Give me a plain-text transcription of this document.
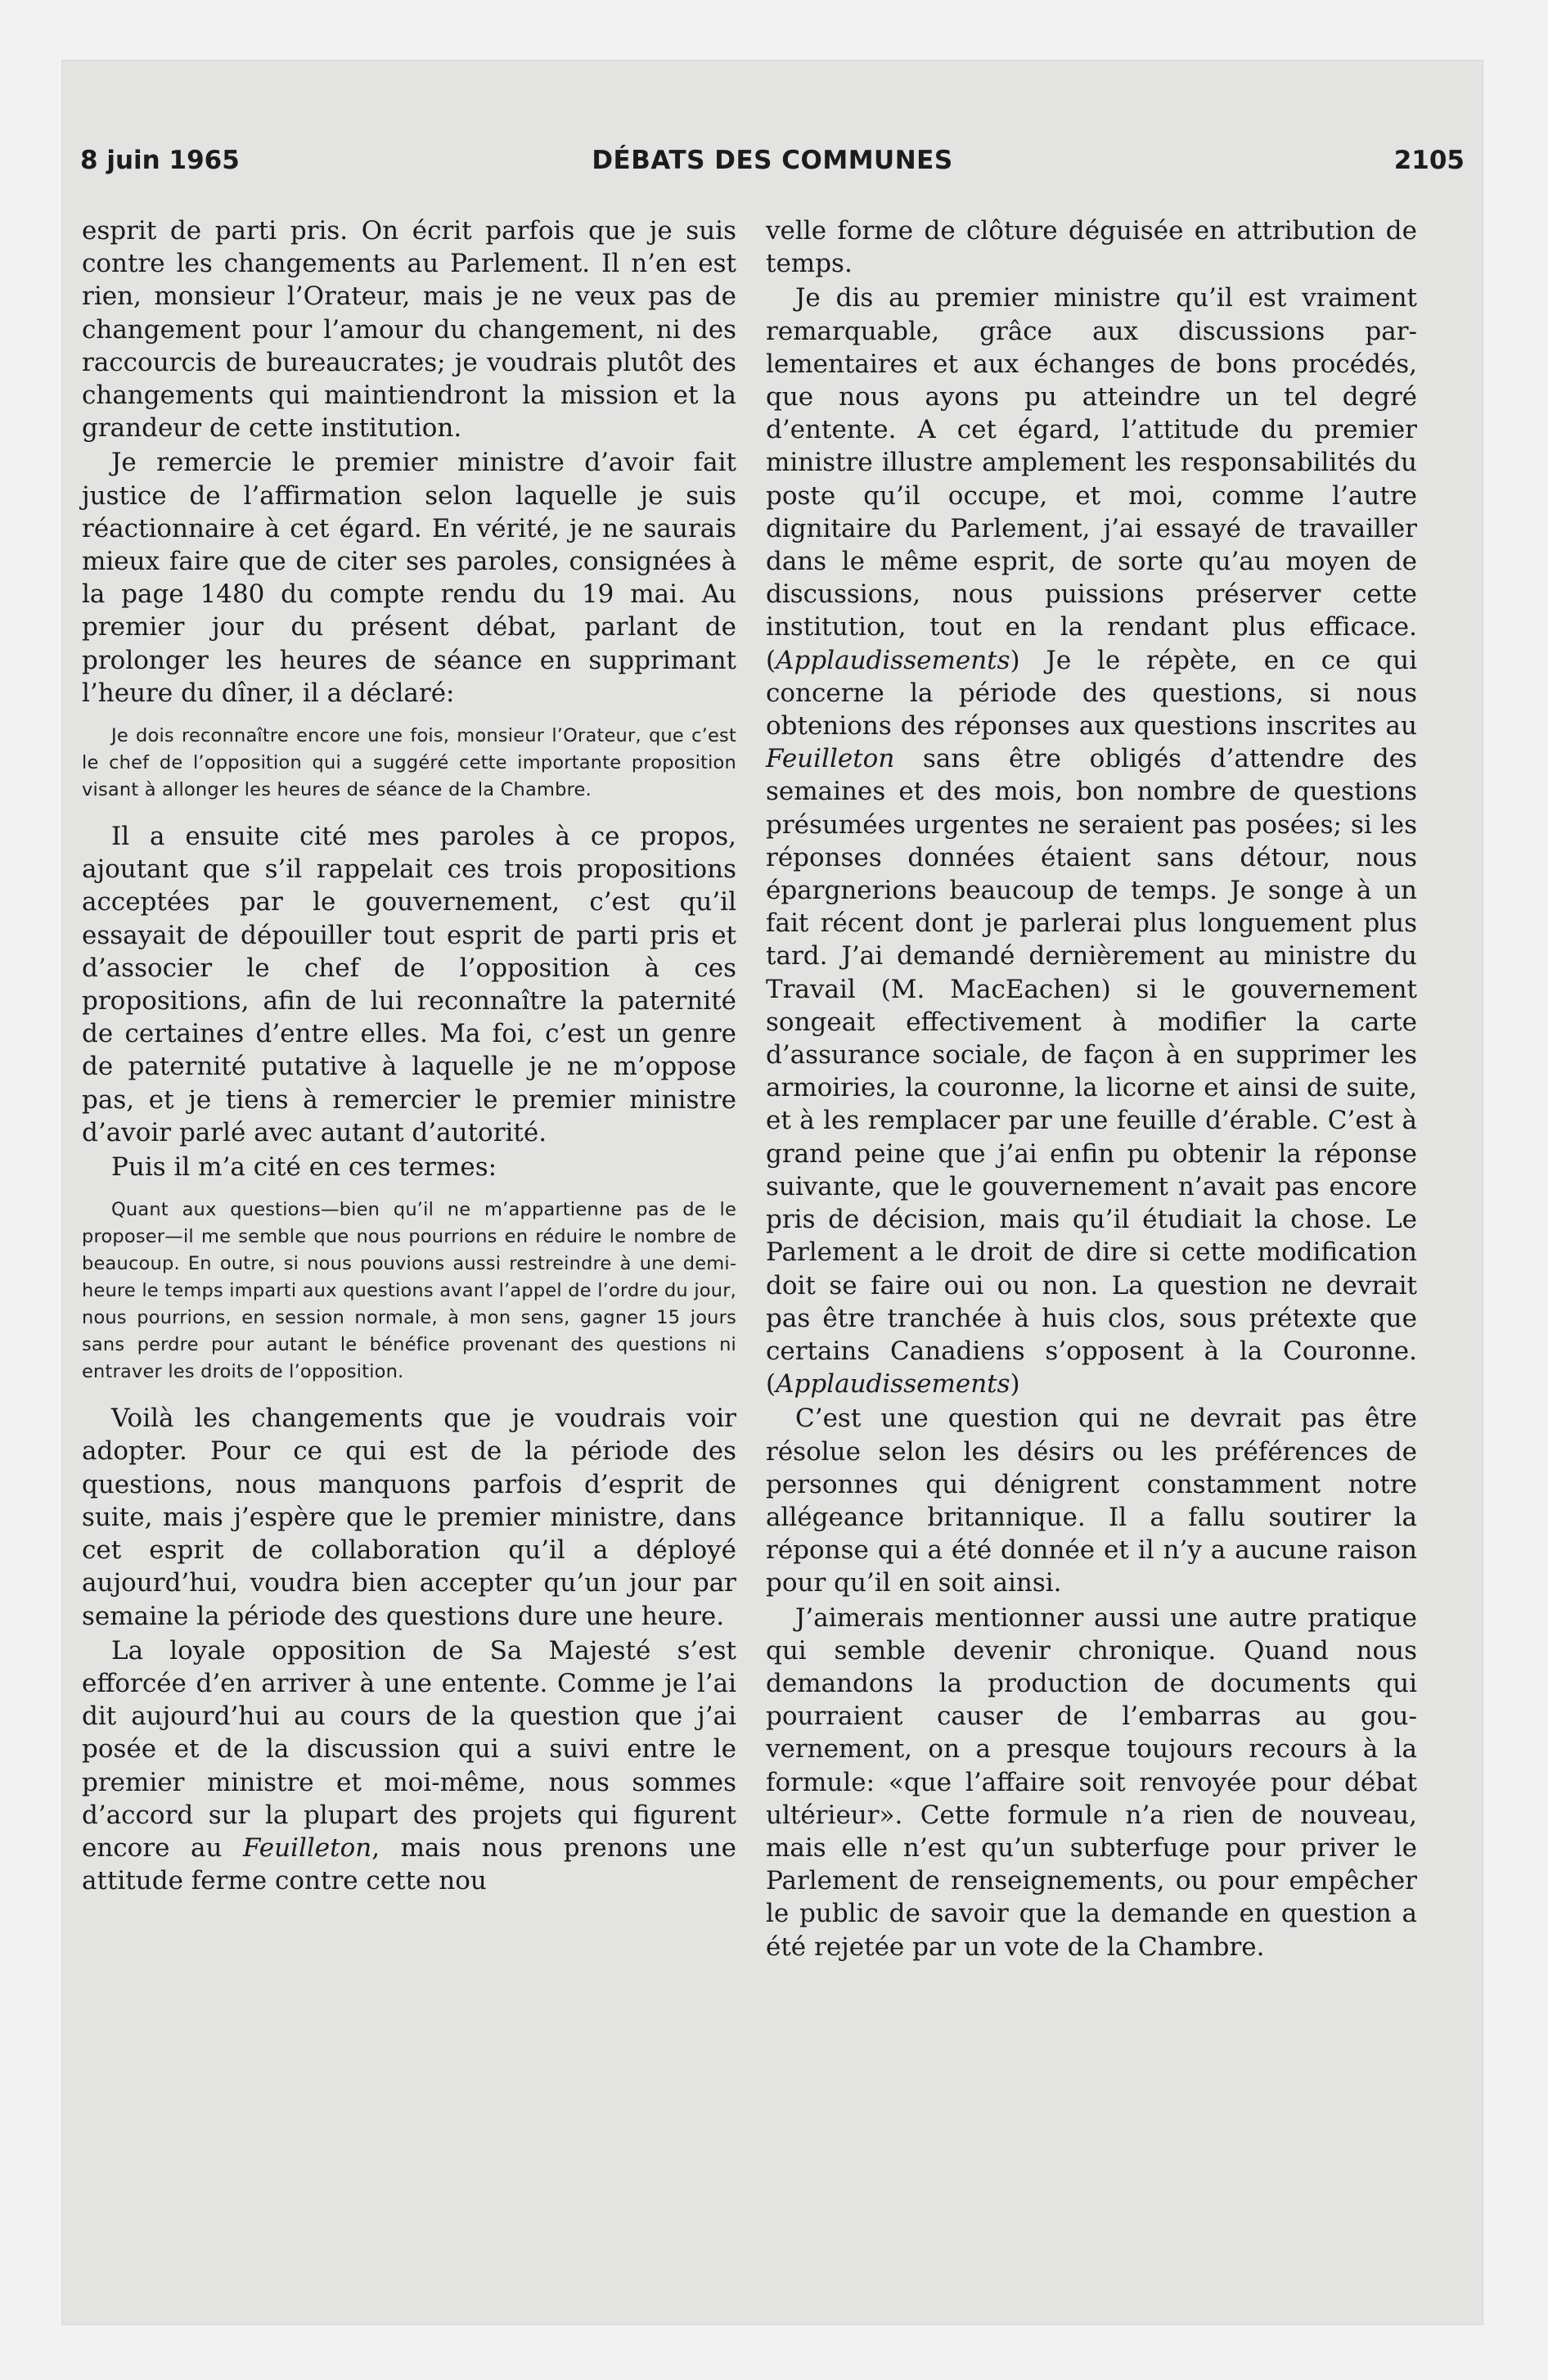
8 juin 1965	DÉBATS DES COMMUNES	2105

esprit de parti pris. On écrit parfois que je suis contre les changements au Parlement. Il n’en est rien, monsieur l’Orateur, mais je ne veux pas de changement pour l’amour du changement, ni des raccourcis de bureaucrates; je voudrais plutôt des changements qui maintiendront la mission et la grandeur de cette institution.

Je remercie le premier ministre d’avoir fait justice de l’affirmation selon laquelle je suis réactionnaire à cet égard. En vérité, je ne saurais mieux faire que de citer ses paroles, consignées à la page 1480 du compte rendu du 19 mai. Au premier jour du présent débat, parlant de prolonger les heures de séance en supprimant l’heure du dîner, il a déclaré:

Je dois reconnaître encore une fois, monsieur l’Orateur, que c’est le chef de l’opposition qui a suggéré cette importante proposition visant à allonger les heures de séance de la Chambre.

Il a ensuite cité mes paroles à ce propos, ajoutant que s’il rappelait ces trois propositions acceptées par le gouvernement, c’est qu’il essayait de dépouiller tout esprit de parti pris et d’associer le chef de l’opposition à ces propositions, afin de lui reconnaître la paternité de certaines d’entre elles. Ma foi, c’est un genre de paternité putative à laquelle je ne m’oppose pas, et je tiens à remercier le premier ministre d’avoir parlé avec autant d’autorité.

Puis il m’a cité en ces termes:

Quant aux questions—bien qu’il ne m’appartienne pas de le proposer—il me semble que nous pourrions en réduire le nombre de beaucoup. En outre, si nous pouvions aussi restreindre à une demiheure le temps imparti aux questions avant l’appel de l’ordre du jour, nous pourrions, en session normale, à mon sens, gagner 15 jours sans perdre pour autant le bénéfice provenant des questions ni entraver les droits de l’opposition.

Voilà les changements que je voudrais voir adopter. Pour ce qui est de la période des questions, nous manquons parfois d’esprit de suite, mais j’espère que le premier ministre, dans cet esprit de collaboration qu’il a déployé aujourd’hui, voudra bien accepter qu’un jour par semaine la période des questions dure une heure.

La loyale opposition de Sa Majesté s’est efforcée d’en arriver à une entente. Comme je l’ai dit aujourd’hui au cours de la question que j’ai posée et de la discussion qui a suivi entre le premier ministre et moi-même, nous sommes d’accord sur la plupart des projets qui figurent encore au Feuilleton, mais nous prenons une attitude ferme contre cette nou

velle forme de clôture déguisée en attribution de temps.

Je dis au premier ministre qu’il est vraiment remarquable, grâce aux discussions parlementaires et aux échanges de bons procédés, que nous ayons pu atteindre un tel degré d’entente. A cet égard, l’attitude du premier ministre illustre amplement les responsabilités du poste qu’il occupe, et moi, comme l’autre dignitaire du Parlement, j’ai essayé de travailler dans le même esprit, de sorte qu’au moyen de discussions, nous puissions préserver cette institution, tout en la rendant plus efficace. (Applaudissements) Je le répète, en ce qui concerne la période des questions, si nous obtenions des réponses aux questions inscrites au Feuilleton sans être obligés d’attendre des semaines et des mois, bon nombre de questions présumées urgentes ne seraient pas posées; si les réponses données étaient sans détour, nous épargnerions beaucoup de temps. Je songe à un fait récent dont je parlerai plus longuement plus tard. J’ai demandé dernièrement au ministre du Travail (M. MacEachen) si le gouvernement songeait effectivement à modifier la carte d’assurance sociale, de façon à en supprimer les armoiries, la couronne, la licorne et ainsi de suite, et à les remplacer par une feuille d’érable. C’est à grand peine que j’ai enfin pu obtenir la réponse suivante, que le gouvernement n’avait pas encore pris de décision, mais qu’il étudiait la chose. Le Parlement a le droit de dire si cette modification doit se faire oui ou non. La question ne devrait pas être tranchée à huis clos, sous prétexte que certains Canadiens s’opposent à la Couronne. (Applaudissements)

C’est une question qui ne devrait pas être résolue selon les désirs ou les préférences de personnes qui dénigrent constamment notre allégeance britannique. Il a fallu soutirer la réponse qui a été donnée et il n’y a aucune raison pour qu’il en soit ainsi.

J’aimerais mentionner aussi une autre pratique qui semble devenir chronique. Quand nous demandons la production de documents qui pourraient causer de l’embarras au gouvernement, on a presque toujours recours à la formule: «que l’affaire soit renvoyée pour débat ultérieur». Cette formule n’a rien de nouveau, mais elle n’est qu’un subterfuge pour priver le Parlement de renseignements, ou pour empêcher le public de savoir que la demande en question a été rejetée par un vote de la Chambre.
